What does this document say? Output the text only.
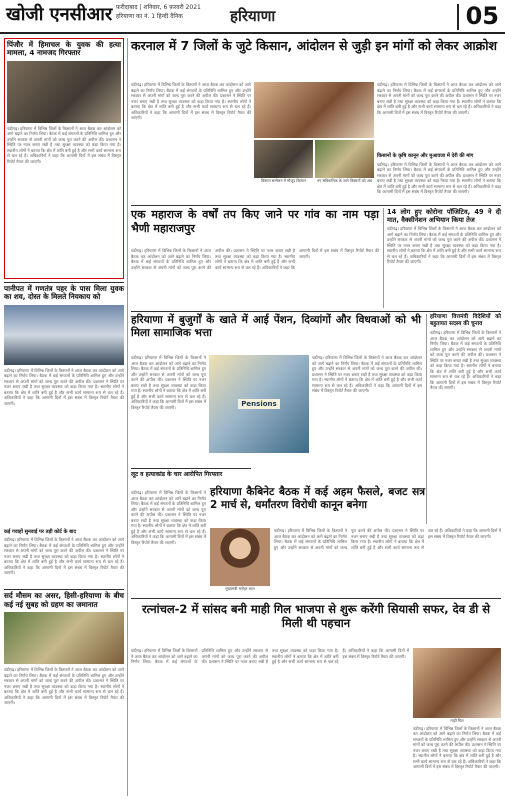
खोजी एनसीआर फ़रीदाबाद | शनिवार, 6 फ़रवरी 2021
हरियाणा का नं. 1 हिन्दी दैनिक	हरियाणा	05
पिंजौर में हिमाचल के युवक की हत्या मामला, 4 नामजद गिरफ्तार
चंडीगढ़। हरियाणा में विभिन्न जिलों के किसानों ने आज बैठक कर आंदोलन को आगे बढ़ाने का निर्णय लिया। बैठक में कई संगठनों के प्रतिनिधि शामिल हुए और उन्होंने सरकार से अपनी मांगों को जल्द पूरा करने की अपील की। प्रशासन ने स्थिति पर नजर बनाए रखी है तथा सुरक्षा व्यवस्था को कड़ा किया गया है। स्थानीय लोगों ने बताया कि क्षेत्र में शांति बनी हुई है और सभी कार्य सामान्य रूप से चल रहे हैं। अधिकारियों ने कहा कि आगामी दिनों में इस संबंध में विस्तृत रिपोर्ट तैयार की जाएगी।
पानीपत में गणतंत्र पहर के पास मिला युवक का शव, दोस्त के मिलते नियकाय को
चंडीगढ़। हरियाणा में विभिन्न जिलों के किसानों ने आज बैठक कर आंदोलन को आगे बढ़ाने का निर्णय लिया। बैठक में कई संगठनों के प्रतिनिधि शामिल हुए और उन्होंने सरकार से अपनी मांगों को जल्द पूरा करने की अपील की। प्रशासन ने स्थिति पर नजर बनाए रखी है तथा सुरक्षा व्यवस्था को कड़ा किया गया है। स्थानीय लोगों ने बताया कि क्षेत्र में शांति बनी हुई है और सभी कार्य सामान्य रूप से चल रहे हैं। अधिकारियों ने कहा कि आगामी दिनों में इस संबंध में विस्तृत रिपोर्ट तैयार की जाएगी।
कई गवाहों सुनवाई पर तड़ी कोर्ट के बाद
चंडीगढ़। हरियाणा में विभिन्न जिलों के किसानों ने आज बैठक कर आंदोलन को आगे बढ़ाने का निर्णय लिया। बैठक में कई संगठनों के प्रतिनिधि शामिल हुए और उन्होंने सरकार से अपनी मांगों को जल्द पूरा करने की अपील की। प्रशासन ने स्थिति पर नजर बनाए रखी है तथा सुरक्षा व्यवस्था को कड़ा किया गया है। स्थानीय लोगों ने बताया कि क्षेत्र में शांति बनी हुई है और सभी कार्य सामान्य रूप से चल रहे हैं। अधिकारियों ने कहा कि आगामी दिनों में इस संबंध में विस्तृत रिपोर्ट तैयार की जाएगी।
सर्द मौसम का असर, हिसी-हरियाणा के बीच कई नई सुबह को ग्रहण का जमानात
चंडीगढ़। हरियाणा में विभिन्न जिलों के किसानों ने आज बैठक कर आंदोलन को आगे बढ़ाने का निर्णय लिया। बैठक में कई संगठनों के प्रतिनिधि शामिल हुए और उन्होंने सरकार से अपनी मांगों को जल्द पूरा करने की अपील की। प्रशासन ने स्थिति पर नजर बनाए रखी है तथा सुरक्षा व्यवस्था को कड़ा किया गया है। स्थानीय लोगों ने बताया कि क्षेत्र में शांति बनी हुई है और सभी कार्य सामान्य रूप से चल रहे हैं। अधिकारियों ने कहा कि आगामी दिनों में इस संबंध में विस्तृत रिपोर्ट तैयार की जाएगी।
करनाल में 7 जिलों के जुटे किसान, आंदोलन से जुड़ी इन मांगों को लेकर आक्रोश
चंडीगढ़। हरियाणा में विभिन्न जिलों के किसानों ने आज बैठक कर आंदोलन को आगे बढ़ाने का निर्णय लिया। बैठक में कई संगठनों के प्रतिनिधि शामिल हुए और उन्होंने सरकार से अपनी मांगों को जल्द पूरा करने की अपील की। प्रशासन ने स्थिति पर नजर बनाए रखी है तथा सुरक्षा व्यवस्था को कड़ा किया गया है। स्थानीय लोगों ने बताया कि क्षेत्र में शांति बनी हुई है और सभी कार्य सामान्य रूप से चल रहे हैं। अधिकारियों ने कहा कि आगामी दिनों में इस संबंध में विस्तृत रिपोर्ट तैयार की जाएगी।
किसान सम्मेलन में मौजूद किसान	नए संविधानिक के जागे किसानों को अब
चंडीगढ़। हरियाणा में विभिन्न जिलों के किसानों ने आज बैठक कर आंदोलन को आगे बढ़ाने का निर्णय लिया। बैठक में कई संगठनों के प्रतिनिधि शामिल हुए और उन्होंने सरकार से अपनी मांगों को जल्द पूरा करने की अपील की। प्रशासन ने स्थिति पर नजर बनाए रखी है तथा सुरक्षा व्यवस्था को कड़ा किया गया है। स्थानीय लोगों ने बताया कि क्षेत्र में शांति बनी हुई है और सभी कार्य सामान्य रूप से चल रहे हैं। अधिकारियों ने कहा कि आगामी दिनों में इस संबंध में विस्तृत रिपोर्ट तैयार की जाएगी।
किसानों के कृषि कानून और मुआवजा में देरी की मांग
चंडीगढ़। हरियाणा में विभिन्न जिलों के किसानों ने आज बैठक कर आंदोलन को आगे बढ़ाने का निर्णय लिया। बैठक में कई संगठनों के प्रतिनिधि शामिल हुए और उन्होंने सरकार से अपनी मांगों को जल्द पूरा करने की अपील की। प्रशासन ने स्थिति पर नजर बनाए रखी है तथा सुरक्षा व्यवस्था को कड़ा किया गया है। स्थानीय लोगों ने बताया कि क्षेत्र में शांति बनी हुई है और सभी कार्य सामान्य रूप से चल रहे हैं। अधिकारियों ने कहा कि आगामी दिनों में इस संबंध में विस्तृत रिपोर्ट तैयार की जाएगी।
एक महाराज के वर्षों तप किए जाने पर गांव का नाम पड़ा भैणी महाराजपुर
चंडीगढ़। हरियाणा में विभिन्न जिलों के किसानों ने आज बैठक कर आंदोलन को आगे बढ़ाने का निर्णय लिया। बैठक में कई संगठनों के प्रतिनिधि शामिल हुए और उन्होंने सरकार से अपनी मांगों को जल्द पूरा करने की अपील की। प्रशासन ने स्थिति पर नजर बनाए रखी है तथा सुरक्षा व्यवस्था को कड़ा किया गया है। स्थानीय लोगों ने बताया कि क्षेत्र में शांति बनी हुई है और सभी कार्य सामान्य रूप से चल रहे हैं। अधिकारियों ने कहा कि आगामी दिनों में इस संबंध में विस्तृत रिपोर्ट तैयार की जाएगी।
14 लोग हुए कोरोना पॉजिटिव, 49 ने दी मात, वैक्सीनेशन अभियान किया तेज
चंडीगढ़। हरियाणा में विभिन्न जिलों के किसानों ने आज बैठक कर आंदोलन को आगे बढ़ाने का निर्णय लिया। बैठक में कई संगठनों के प्रतिनिधि शामिल हुए और उन्होंने सरकार से अपनी मांगों को जल्द पूरा करने की अपील की। प्रशासन ने स्थिति पर नजर बनाए रखी है तथा सुरक्षा व्यवस्था को कड़ा किया गया है। स्थानीय लोगों ने बताया कि क्षेत्र में शांति बनी हुई है और सभी कार्य सामान्य रूप से चल रहे हैं। अधिकारियों ने कहा कि आगामी दिनों में इस संबंध में विस्तृत रिपोर्ट तैयार की जाएगी।
हरियाणा में बुजुर्गों के खाते में आई पेंशन, दिव्यांगों और विधवाओं को भी मिला सामाजिक भत्ता
चंडीगढ़। हरियाणा में विभिन्न जिलों के किसानों ने आज बैठक कर आंदोलन को आगे बढ़ाने का निर्णय लिया। बैठक में कई संगठनों के प्रतिनिधि शामिल हुए और उन्होंने सरकार से अपनी मांगों को जल्द पूरा करने की अपील की। प्रशासन ने स्थिति पर नजर बनाए रखी है तथा सुरक्षा व्यवस्था को कड़ा किया गया है। स्थानीय लोगों ने बताया कि क्षेत्र में शांति बनी हुई है और सभी कार्य सामान्य रूप से चल रहे हैं। अधिकारियों ने कहा कि आगामी दिनों में इस संबंध में विस्तृत रिपोर्ट तैयार की जाएगी।	Pensions
चंडीगढ़। हरियाणा में विभिन्न जिलों के किसानों ने आज बैठक कर आंदोलन को आगे बढ़ाने का निर्णय लिया। बैठक में कई संगठनों के प्रतिनिधि शामिल हुए और उन्होंने सरकार से अपनी मांगों को जल्द पूरा करने की अपील की। प्रशासन ने स्थिति पर नजर बनाए रखी है तथा सुरक्षा व्यवस्था को कड़ा किया गया है। स्थानीय लोगों ने बताया कि क्षेत्र में शांति बनी हुई है और सभी कार्य सामान्य रूप से चल रहे हैं। अधिकारियों ने कहा कि आगामी दिनों में इस संबंध में विस्तृत रिपोर्ट तैयार की जाएगी।
हरियाणा वित्तमंत्री विदेशियों को बहुतायत सदस्य की चुनाव
चंडीगढ़। हरियाणा में विभिन्न जिलों के किसानों ने आज बैठक कर आंदोलन को आगे बढ़ाने का निर्णय लिया। बैठक में कई संगठनों के प्रतिनिधि शामिल हुए और उन्होंने सरकार से अपनी मांगों को जल्द पूरा करने की अपील की। प्रशासन ने स्थिति पर नजर बनाए रखी है तथा सुरक्षा व्यवस्था को कड़ा किया गया है। स्थानीय लोगों ने बताया कि क्षेत्र में शांति बनी हुई है और सभी कार्य सामान्य रूप से चल रहे हैं। अधिकारियों ने कहा कि आगामी दिनों में इस संबंध में विस्तृत रिपोर्ट तैयार की जाएगी।
लूट व हत्याकांड के चार आरोपित गिरफ्तार
हरियाणा कैबिनेट बैठक में कई अहम फैसले, बजट सत्र 2 मार्च से, धर्मांतरण विरोधी कानून बनेगा
चंडीगढ़। हरियाणा में विभिन्न जिलों के किसानों ने आज बैठक कर आंदोलन को आगे बढ़ाने का निर्णय लिया। बैठक में कई संगठनों के प्रतिनिधि शामिल हुए और उन्होंने सरकार से अपनी मांगों को जल्द पूरा करने की अपील की। प्रशासन ने स्थिति पर नजर बनाए रखी है तथा सुरक्षा व्यवस्था को कड़ा किया गया है। स्थानीय लोगों ने बताया कि क्षेत्र में शांति बनी हुई है और सभी कार्य सामान्य रूप से चल रहे हैं। अधिकारियों ने कहा कि आगामी दिनों में इस संबंध में विस्तृत रिपोर्ट तैयार की जाएगी।
मुख्यमंत्री मनोहर लाल
चंडीगढ़। हरियाणा में विभिन्न जिलों के किसानों ने आज बैठक कर आंदोलन को आगे बढ़ाने का निर्णय लिया। बैठक में कई संगठनों के प्रतिनिधि शामिल हुए और उन्होंने सरकार से अपनी मांगों को जल्द पूरा करने की अपील की। प्रशासन ने स्थिति पर नजर बनाए रखी है तथा सुरक्षा व्यवस्था को कड़ा किया गया है। स्थानीय लोगों ने बताया कि क्षेत्र में शांति बनी हुई है और सभी कार्य सामान्य रूप से चल रहे हैं। अधिकारियों ने कहा कि आगामी दिनों में इस संबंध में विस्तृत रिपोर्ट तैयार की जाएगी।
रत्नांचल-2 में सांसद बनी माही गिल भाजपा से शुरू करेंगी सियासी सफर, देव डी से मिली थी पहचान
चंडीगढ़। हरियाणा में विभिन्न जिलों के किसानों ने आज बैठक कर आंदोलन को आगे बढ़ाने का निर्णय लिया। बैठक में कई संगठनों के प्रतिनिधि शामिल हुए और उन्होंने सरकार से अपनी मांगों को जल्द पूरा करने की अपील की। प्रशासन ने स्थिति पर नजर बनाए रखी है तथा सुरक्षा व्यवस्था को कड़ा किया गया है। स्थानीय लोगों ने बताया कि क्षेत्र में शांति बनी हुई है और सभी कार्य सामान्य रूप से चल रहे हैं। अधिकारियों ने कहा कि आगामी दिनों में इस संबंध में विस्तृत रिपोर्ट तैयार की जाएगी।
माही गिल
चंडीगढ़। हरियाणा में विभिन्न जिलों के किसानों ने आज बैठक कर आंदोलन को आगे बढ़ाने का निर्णय लिया। बैठक में कई संगठनों के प्रतिनिधि शामिल हुए और उन्होंने सरकार से अपनी मांगों को जल्द पूरा करने की अपील की। प्रशासन ने स्थिति पर नजर बनाए रखी है तथा सुरक्षा व्यवस्था को कड़ा किया गया है। स्थानीय लोगों ने बताया कि क्षेत्र में शांति बनी हुई है और सभी कार्य सामान्य रूप से चल रहे हैं। अधिकारियों ने कहा कि आगामी दिनों में इस संबंध में विस्तृत रिपोर्ट तैयार की जाएगी।
